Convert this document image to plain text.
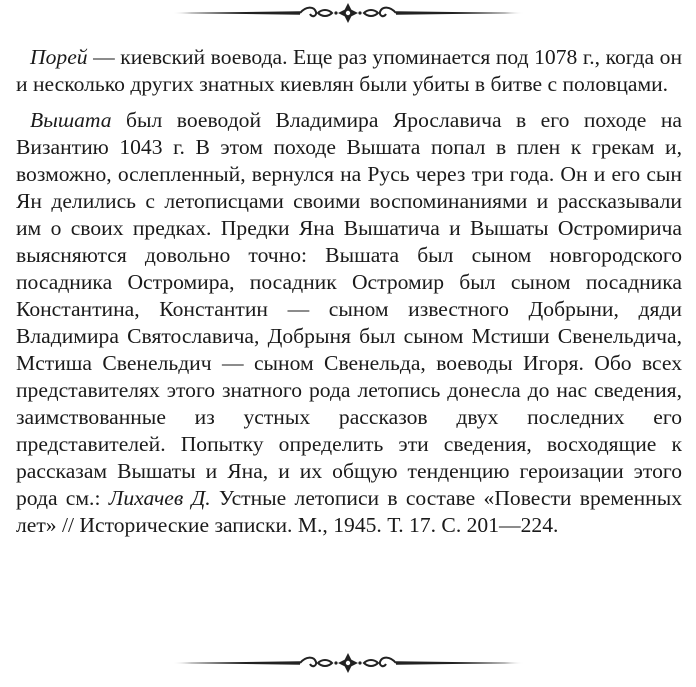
Порей — киевский воевода. Еще раз упоминается под 1078 г., когда он и несколько других знатных киевлян были убиты в битве с половцами.

Вышата был воеводой Владимира Ярославича в его походе на Византию 1043 г. В этом походе Вышата попал в плен к грекам и, возможно, ослепленный, вернулся на Русь через три года. Он и его сын Ян делились с летописцами своими воспоминаниями и рассказывали им о своих предках. Предки Яна Вышатича и Вышаты Остромирича выясняются довольно точно: Вышата был сыном новгородского посадника Остромира, посадник Остромир был сыном посадника Константина, Константин — сыном известного Добрыни, дяди Владимира Святославича, Добрыня был сыном Мстиши Свенельдича, Мстиша Свенельдич — сыном Свенельда, воеводы Игоря. Обо всех представителях этого знатного рода летопись донесла до нас сведения, заимствованные из устных рассказов двух последних его представителей. Попытку определить эти сведения, восходящие к рассказам Вышаты и Яна, и их общую тенденцию героизации этого рода см.: Лихачев Д. Устные летописи в составе «Повести временных лет» // Исторические записки. М., 1945. Т. 17. С. 201—224.
